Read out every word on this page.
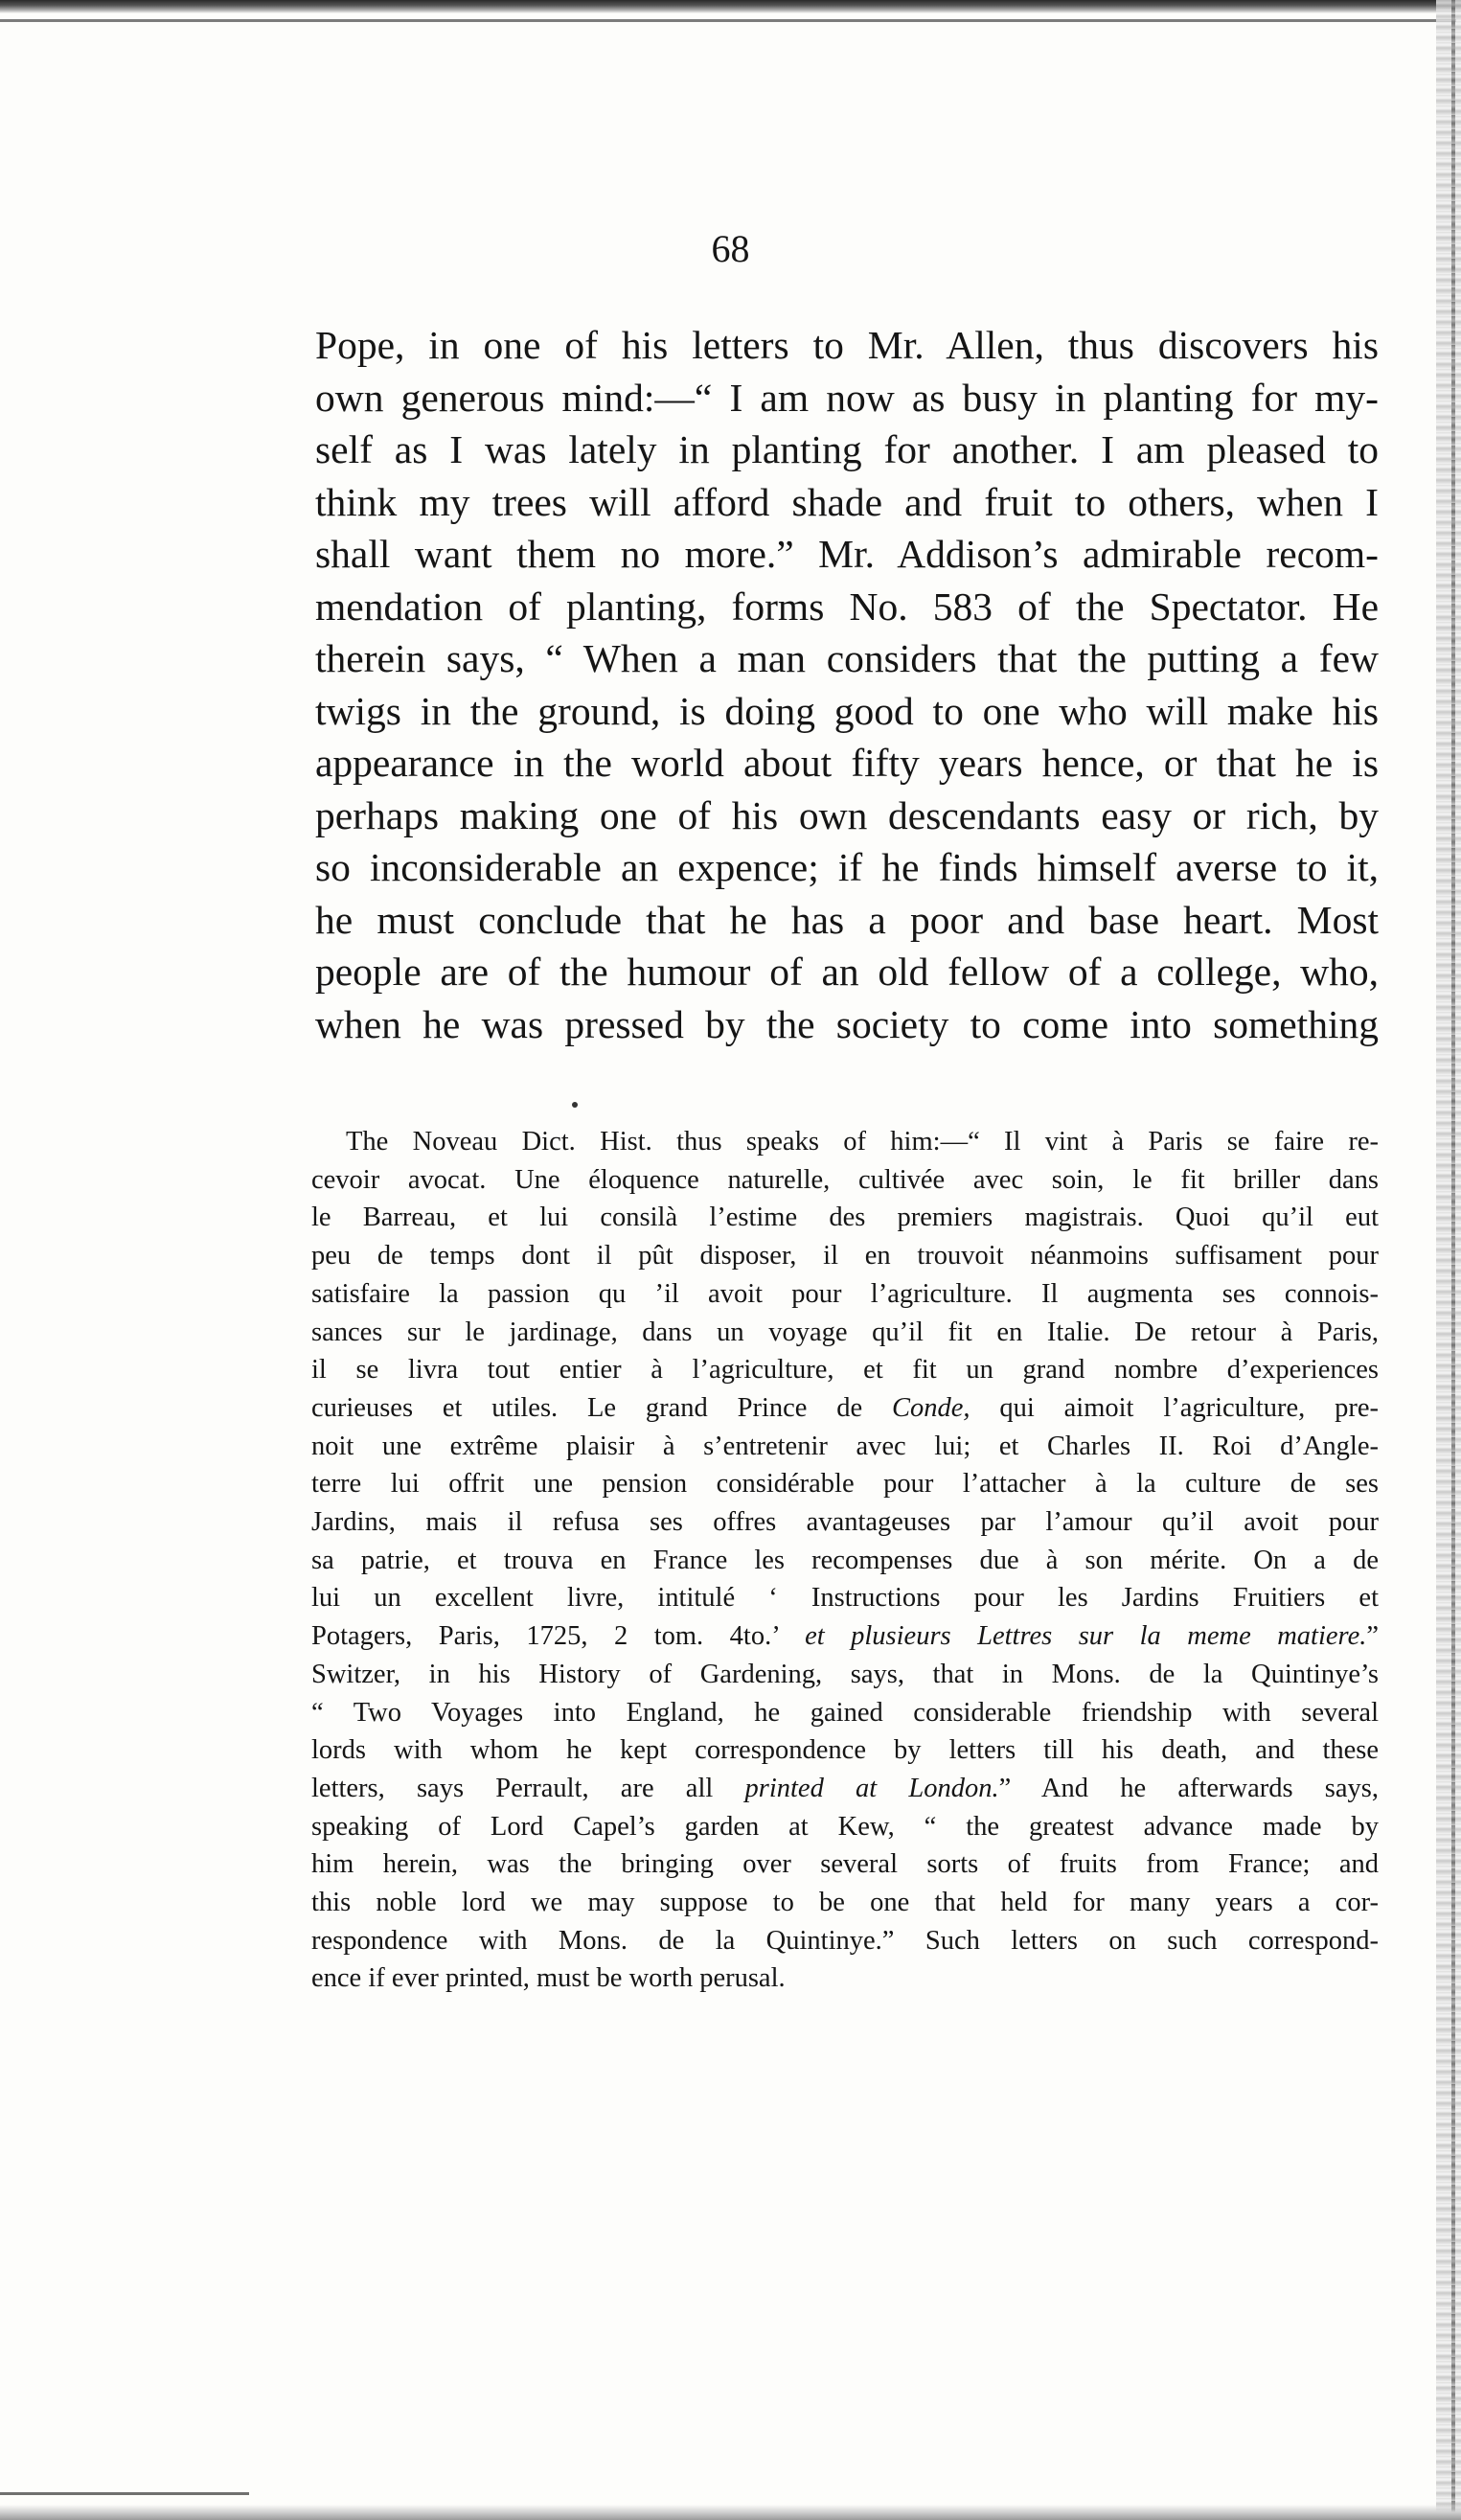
68
Pope, in one of his letters to Mr. Allen, thus discovers his
own generous mind:—“ I am now as busy in planting for my-
self as I was lately in planting for another. I am pleased to
think my trees will afford shade and fruit to others, when I
shall want them no more.” Mr. Addison’s admirable recom-
mendation of planting, forms No. 583 of the Spectator. He
therein says, “ When a man considers that the putting a few
twigs in the ground, is doing good to one who will make his
appearance in the world about fifty years hence, or that he is
perhaps making one of his own descendants easy or rich, by
so inconsiderable an expence; if he finds himself averse to it,
he must conclude that he has a poor and base heart. Most
people are of the humour of an old fellow of a college, who,
when he was pressed by the society to come into something
The Noveau Dict. Hist. thus speaks of him:—“ Il vint à Paris se faire re-
cevoir avocat. Une éloquence naturelle, cultivée avec soin, le fit briller dans
le Barreau, et lui consilà l’estime des premiers magistrais. Quoi qu’il eut
peu de temps dont il pût disposer, il en trouvoit néanmoins suffisament pour
satisfaire la passion qu ’il avoit pour l’agriculture. Il augmenta ses connois-
sances sur le jardinage, dans un voyage qu’il fit en Italie. De retour à Paris,
il se livra tout entier à l’agriculture, et fit un grand nombre d’experiences
curieuses et utiles. Le grand Prince de Conde, qui aimoit l’agriculture, pre-
noit une extrême plaisir à s’entretenir avec lui; et Charles II. Roi d’Angle-
terre lui offrit une pension considérable pour l’attacher à la culture de ses
Jardins, mais il refusa ses offres avantageuses par l’amour qu’il avoit pour
sa patrie, et trouva en France les recompenses due à son mérite. On a de
lui un excellent livre, intitulé ‘ Instructions pour les Jardins Fruitiers et
Potagers, Paris, 1725, 2 tom. 4to.’ et plusieurs Lettres sur la meme matiere.”
Switzer, in his History of Gardening, says, that in Mons. de la Quintinye’s
“ Two Voyages into England, he gained considerable friendship with several
lords with whom he kept correspondence by letters till his death, and these
letters, says Perrault, are all printed at London.” And he afterwards says,
speaking of Lord Capel’s garden at Kew, “ the greatest advance made by
him herein, was the bringing over several sorts of fruits from France; and
this noble lord we may suppose to be one that held for many years a cor-
respondence with Mons. de la Quintinye.” Such letters on such correspond-
ence if ever printed, must be worth perusal.
